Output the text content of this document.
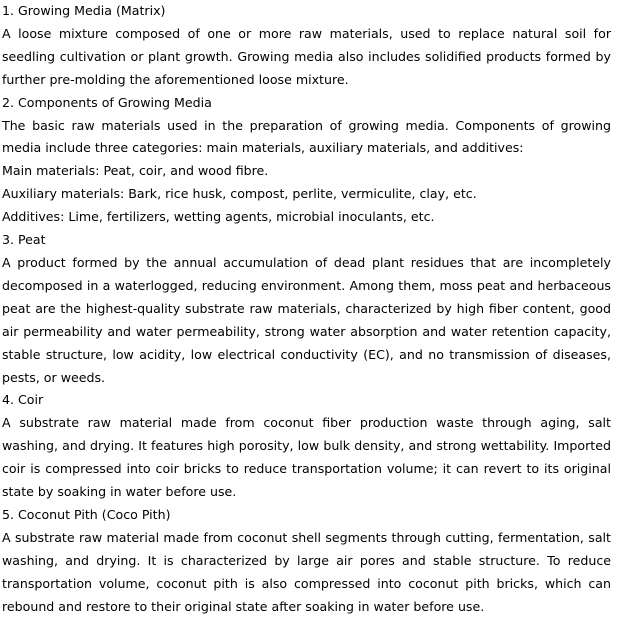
1. Growing Media (Matrix)

A loose mixture composed of one or more raw materials, used to replace natural soil for seedling cultivation or plant growth. Growing media also includes solidified products formed by further pre-molding the aforementioned loose mixture.

2. Components of Growing Media

The basic raw materials used in the preparation of growing media. Components of growing media include three categories: main materials, auxiliary materials, and additives:

Main materials: Peat, coir, and wood fibre.

Auxiliary materials: Bark, rice husk, compost, perlite, vermiculite, clay, etc.

Additives: Lime, fertilizers, wetting agents, microbial inoculants, etc.

3. Peat

A product formed by the annual accumulation of dead plant residues that are incompletely decomposed in a waterlogged, reducing environment. Among them, moss peat and herbaceous peat are the highest-quality substrate raw materials, characterized by high fiber content, good air permeability and water permeability, strong water absorption and water retention capacity, stable structure, low acidity, low electrical conductivity (EC), and no transmission of diseases, pests, or weeds.

4. Coir

A substrate raw material made from coconut fiber production waste through aging, salt washing, and drying. It features high porosity, low bulk density, and strong wettability. Imported coir is compressed into coir bricks to reduce transportation volume; it can revert to its original state by soaking in water before use.

5. Coconut Pith (Coco Pith)

A substrate raw material made from coconut shell segments through cutting, fermentation, salt washing, and drying. It is characterized by large air pores and stable structure. To reduce transportation volume, coconut pith is also compressed into coconut pith bricks, which can rebound and restore to their original state after soaking in water before use.
